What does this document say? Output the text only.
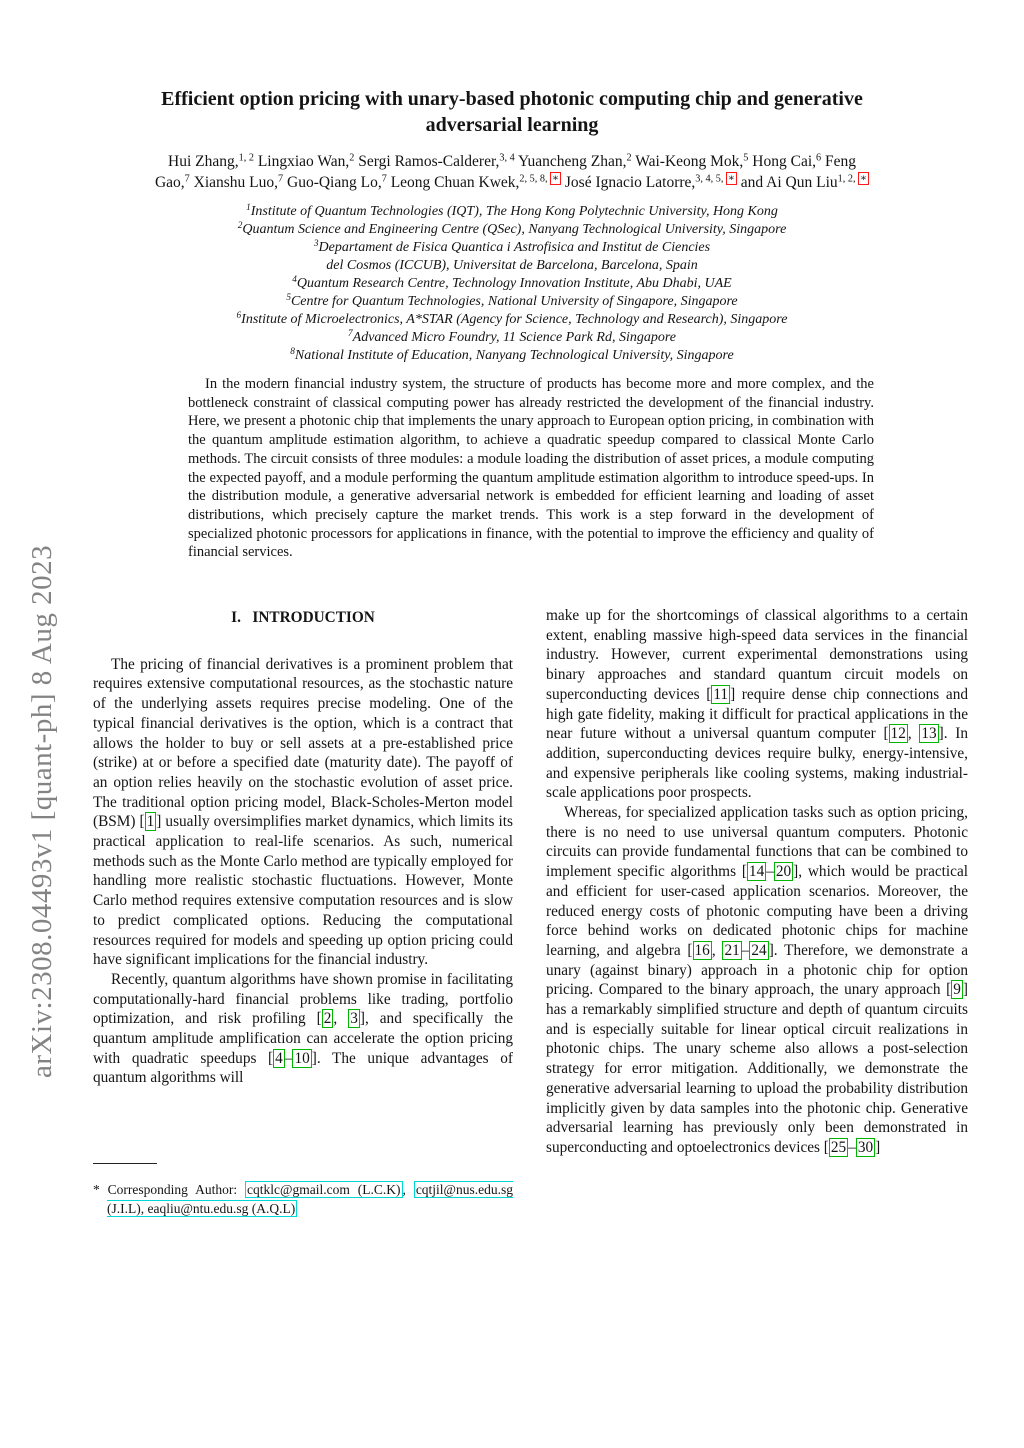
arXiv:2308.04493v1 [quant-ph] 8 Aug 2023
Efficient option pricing with unary-based photonic computing chip and generative
adversarial learning
Hui Zhang,$^{1, 2}$ Lingxiao Wan,$^2$ Sergi Ramos-Calderer,$^{3, 4}$ Yuancheng Zhan,$^2$ Wai-Keong Mok,$^5$ Hong Cai,$^6$ Feng
Gao,$^7$ Xianshu Luo,$^7$ Guo-Qiang Lo,$^7$ Leong Chuan Kwek,$^{2, 5, 8,}$ ∗ José Ignacio Latorre,$^{3, 4, 5,}$ ∗ and Ai Qun Liu$^{1, 2,}$ ∗
$^1$Institute of Quantum Technologies (IQT), The Hong Kong Polytechnic University, Hong Kong
$^2$Quantum Science and Engineering Centre (QSec), Nanyang Technological University, Singapore
$^3$Departament de Fisica Quantica i Astrofisica and Institut de Ciencies
del Cosmos (ICCUB), Universitat de Barcelona, Barcelona, Spain
$^4$Quantum Research Centre, Technology Innovation Institute, Abu Dhabi, UAE
$^5$Centre for Quantum Technologies, National University of Singapore, Singapore
$^6$Institute of Microelectronics, A*STAR (Agency for Science, Technology and Research), Singapore
$^7$Advanced Micro Foundry, 11 Science Park Rd, Singapore
$^8$National Institute of Education, Nanyang Technological University, Singapore

In the modern financial industry system, the structure of products has become more and more complex, and the bottleneck constraint of classical computing power has already restricted the development of the financial industry. Here, we present a photonic chip that implements the unary approach to European option pricing, in combination with the quantum amplitude estimation algorithm, to achieve a quadratic speedup compared to classical Monte Carlo methods. The circuit consists of three modules: a module loading the distribution of asset prices, a module computing the expected payoff, and a module performing the quantum amplitude estimation algorithm to introduce speed-ups. In the distribution module, a generative adversarial network is embedded for efficient learning and loading of asset distributions, which precisely capture the market trends. This work is a step forward in the development of specialized photonic processors for applications in finance, with the potential to improve the efficiency and quality of financial services.

I.   INTRODUCTION

The pricing of financial derivatives is a prominent problem that requires extensive computational resources, as the stochastic nature of the underlying assets requires precise modeling. One of the typical financial derivatives is the option, which is a contract that allows the holder to buy or sell assets at a pre-established price (strike) at or before a specified date (maturity date). The payoff of an option relies heavily on the stochastic evolution of asset price. The traditional option pricing model, Black-Scholes-Merton model (BSM) [ 1 ] usually oversimplifies market dynamics, which limits its practical application to real-life scenarios. As such, numerical methods such as the Monte Carlo method are typically employed for handling more realistic stochastic fluctuations. However, Monte Carlo method requires extensive computation resources and is slow to predict complicated options. Reducing the computational resources required for models and speeding up option pricing could have significant implications for the financial industry.

Recently, quantum algorithms have shown promise in facilitating computationally-hard financial problems like trading, portfolio optimization, and risk profiling [ 2 , 3 ], and specifically the quantum amplitude amplification can accelerate the option pricing with quadratic speedups [ 4 – 10 ]. The unique advantages of quantum algorithms will

make up for the shortcomings of classical algorithms to a certain extent, enabling massive high-speed data services in the financial industry. However, current experimental demonstrations using binary approaches and standard quantum circuit models on superconducting devices [ 11 ] require dense chip connections and high gate fidelity, making it difficult for practical applications in the near future without a universal quantum computer [ 12 , 13 ]. In addition, superconducting devices require bulky, energy-intensive, and expensive peripherals like cooling systems, making industrial-scale applications poor prospects.

Whereas, for specialized application tasks such as option pricing, there is no need to use universal quantum computers. Photonic circuits can provide fundamental functions that can be combined to implement specific algorithms [ 14 – 20 ], which would be practical and efficient for user-cased application scenarios. Moreover, the reduced energy costs of photonic computing have been a driving force behind works on dedicated photonic chips for machine learning, and algebra [ 16 , 21 – 24 ]. Therefore, we demonstrate a unary (against binary) approach in a photonic chip for option pricing. Compared to the binary approach, the unary approach [ 9 ] has a remarkably simplified structure and depth of quantum circuits and is especially suitable for linear optical circuit realizations in photonic chips. The unary scheme also allows a post-selection strategy for error mitigation. Additionally, we demonstrate the generative adversarial learning to upload the probability distribution implicitly given by data samples into the photonic chip. Generative adversarial learning has previously only been demonstrated in superconducting and optoelectronics devices [ 25 – 30 ]

* Corresponding Author: cqtklc@gmail.com (L.C.K) , cqtjil@nus.edu.sg (J.I.L), eaqliu@ntu.edu.sg (A.Q.L)
